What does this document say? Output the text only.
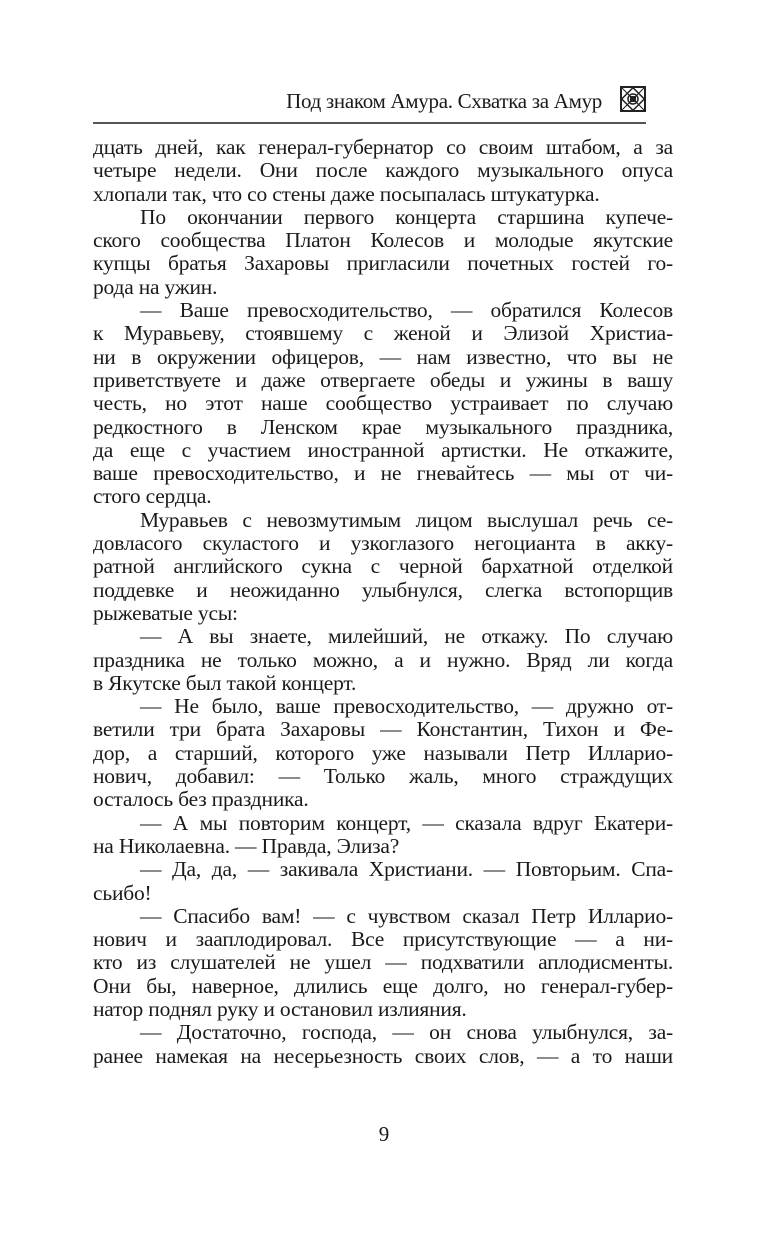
Под знаком Амура. Схватка за Амур
дцать дней, как генерал-губернатор со своим штабом, а за
четыре недели. Они после каждого музыкального опуса
хлопали так, что со стены даже посыпалась штукатурка.
По окончании первого концерта старшина купече-
ского сообщества Платон Колесов и молодые якутские
купцы братья Захаровы пригласили почетных гостей го-
рода на ужин.
— Ваше превосходительство, — обратился Колесов
к Муравьеву, стоявшему с женой и Элизой Христиа-
ни в окружении офицеров, — нам известно, что вы не
приветствуете и даже отвергаете обеды и ужины в вашу
честь, но этот наше сообщество устраивает по случаю
редкостного в Ленском крае музыкального праздника,
да еще с участием иностранной артистки. Не откажите,
ваше превосходительство, и не гневайтесь — мы от чи-
стого сердца.
Муравьев с невозмутимым лицом выслушал речь се-
довласого скуластого и узкоглазого негоцианта в акку-
ратной английского сукна с черной бархатной отделкой
поддевке и неожиданно улыбнулся, слегка встопорщив
рыжеватые усы:
— А вы знаете, милейший, не откажу. По случаю
праздника не только можно, а и нужно. Вряд ли когда
в Якутске был такой концерт.
— Не было, ваше превосходительство, — дружно от-
ветили три брата Захаровы — Константин, Тихон и Фе-
дор, а старший, которого уже называли Петр Илларио-
нович, добавил: — Только жаль, много страждущих
осталось без праздника.
— А мы повторим концерт, — сказала вдруг Екатери-
на Николаевна. — Правда, Элиза?
— Да, да, — закивала Христиани. — Повторьим. Спа-
сьибо!
— Спасибо вам! — с чувством сказал Петр Илларио-
нович и зааплодировал. Все присутствующие — а ни-
кто из слушателей не ушел — подхватили аплодисменты.
Они бы, наверное, длились еще долго, но генерал-губер-
натор поднял руку и остановил излияния.
— Достаточно, господа, — он снова улыбнулся, за-
ранее намекая на несерьезность своих слов, — а то наши
9
